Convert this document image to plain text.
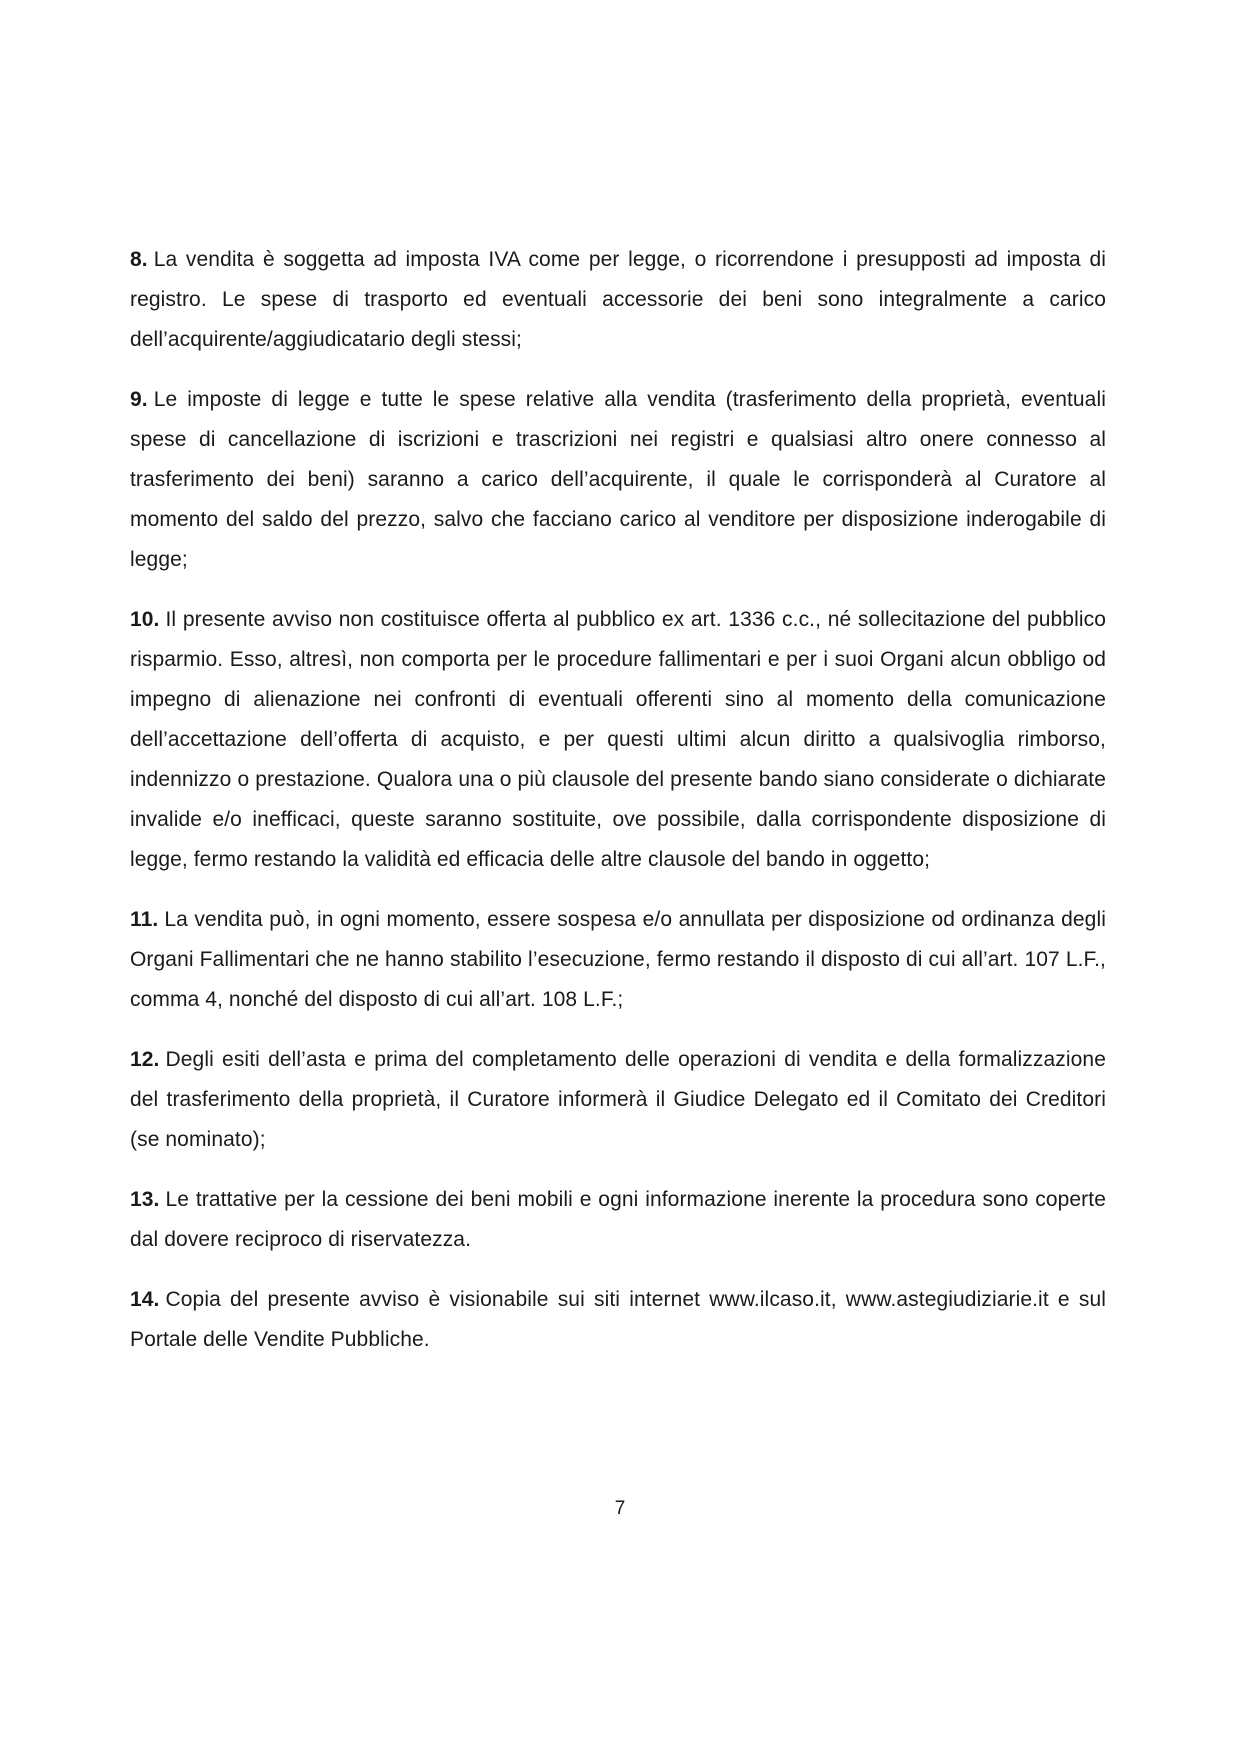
8. La vendita è soggetta ad imposta IVA come per legge, o ricorrendone i presupposti ad imposta di registro. Le spese di trasporto ed eventuali accessorie dei beni sono integralmente a carico dell’acquirente/aggiudicatario degli stessi;

9. Le imposte di legge e tutte le spese relative alla vendita (trasferimento della proprietà, eventuali spese di cancellazione di iscrizioni e trascrizioni nei registri e qualsiasi altro onere connesso al trasferimento dei beni) saranno a carico dell’acquirente, il quale le corrisponderà al Curatore al momento del saldo del prezzo, salvo che facciano carico al venditore per disposizione inderogabile di legge;

10. Il presente avviso non costituisce offerta al pubblico ex art. 1336 c.c., né sollecitazione del pubblico risparmio. Esso, altresì, non comporta per le procedure fallimentari e per i suoi Organi alcun obbligo od impegno di alienazione nei confronti di eventuali offerenti sino al momento della comunicazione dell’accettazione dell’offerta di acquisto, e per questi ultimi alcun diritto a qualsivoglia rimborso, indennizzo o prestazione. Qualora una o più clausole del presente bando siano considerate o dichiarate invalide e/o inefficaci, queste saranno sostituite, ove possibile, dalla corrispondente disposizione di legge, fermo restando la validità ed efficacia delle altre clausole del bando in oggetto;

11. La vendita può, in ogni momento, essere sospesa e/o annullata per disposizione od ordinanza degli Organi Fallimentari che ne hanno stabilito l’esecuzione, fermo restando il disposto di cui all’art. 107 L.F., comma 4, nonché del disposto di cui all’art. 108 L.F.;

12. Degli esiti dell’asta e prima del completamento delle operazioni di vendita e della formalizzazione del trasferimento della proprietà, il Curatore informerà il Giudice Delegato ed il Comitato dei Creditori (se nominato);

13. Le trattative per la cessione dei beni mobili e ogni informazione inerente la procedura sono coperte dal dovere reciproco di riservatezza.

14. Copia del presente avviso è visionabile sui siti internet www.ilcaso.it, www.astegiudiziarie.it e sul Portale delle Vendite Pubbliche.

7
